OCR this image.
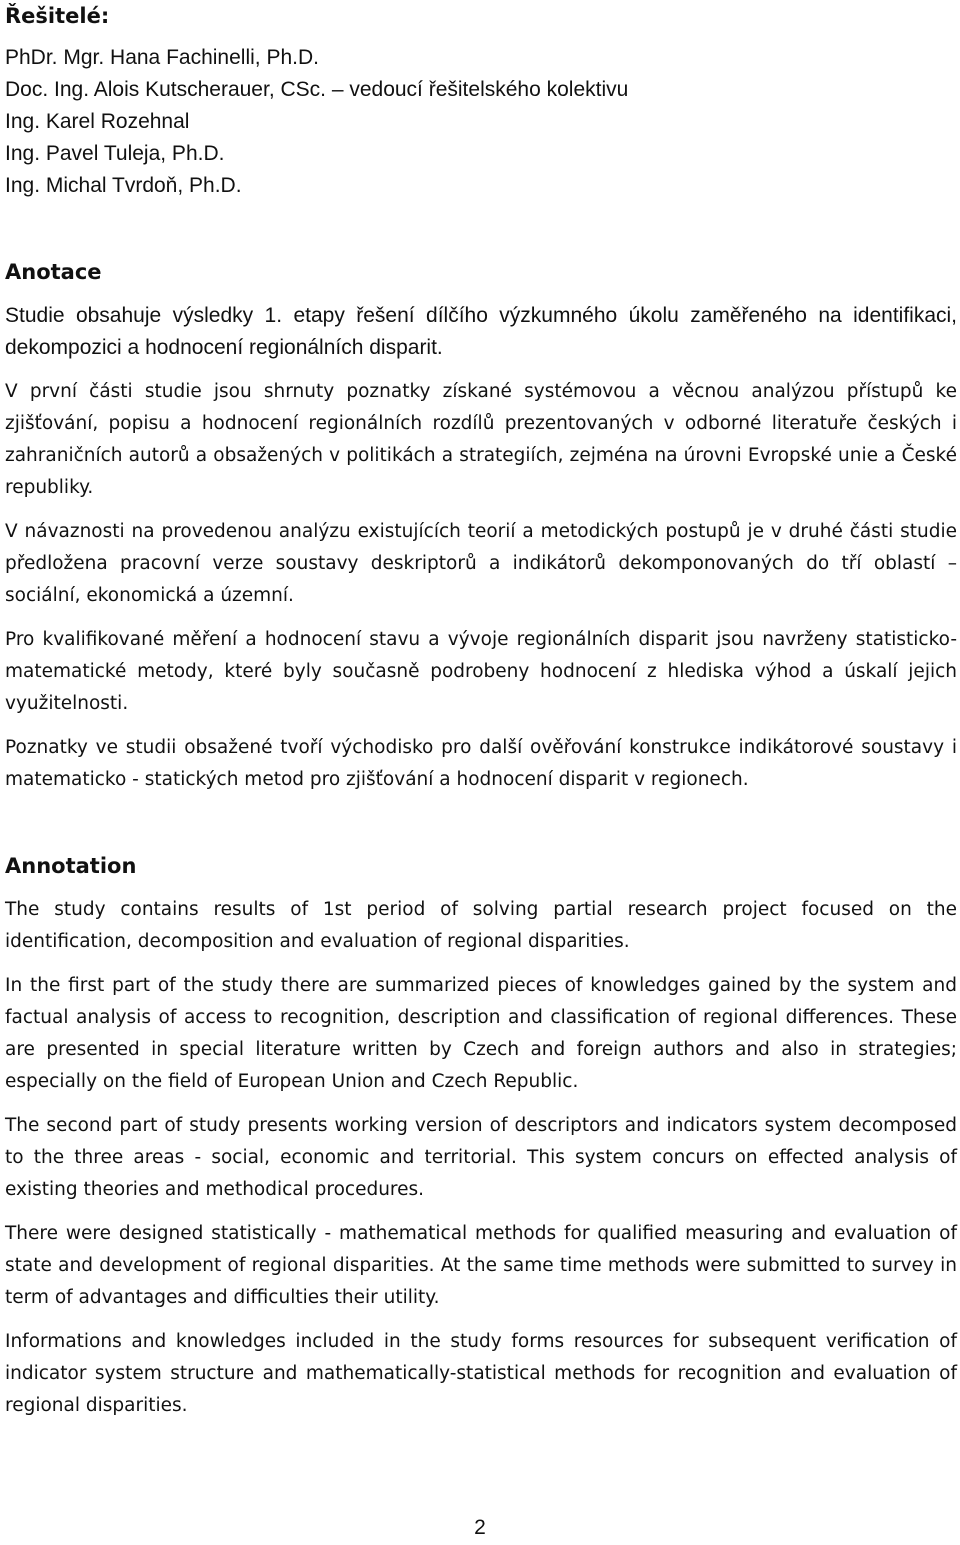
Řešitelé:
PhDr. Mgr. Hana Fachinelli, Ph.D.
Doc. Ing. Alois Kutscherauer, CSc. – vedoucí řešitelského kolektivu
Ing. Karel Rozehnal
Ing. Pavel Tuleja, Ph.D.
Ing. Michal Tvrdoň, Ph.D.
Anotace

Studie obsahuje výsledky 1. etapy řešení dílčího výzkumného úkolu zaměřeného na identifikaci, dekompozici a hodnocení regionálních disparit.

V první části studie jsou shrnuty poznatky získané systémovou a věcnou analýzou přístupů ke zjišťování, popisu a hodnocení regionálních rozdílů prezentovaných v odborné literatuře českých i zahraničních autorů a obsažených v politikách a strategiích, zejména na úrovni Evropské unie a České republiky.

V návaznosti na provedenou analýzu existujících teorií a metodických postupů je v druhé části studie předložena pracovní verze soustavy deskriptorů a indikátorů dekomponovaných do tří oblastí – sociální, ekonomická a územní.

Pro kvalifikované měření a hodnocení stavu a vývoje regionálních disparit jsou navrženy statisticko-matematické metody, které byly současně podrobeny hodnocení z hlediska výhod a úskalí jejich využitelnosti.

Poznatky ve studii obsažené tvoří východisko pro další ověřování konstrukce indikátorové soustavy i matematicko - statických metod pro zjišťování a hodnocení disparit v regionech.

Annotation

The study contains results of 1st period of solving partial research project focused on the identification, decomposition and evaluation of regional disparities.

In the first part of the study there are summarized pieces of knowledges gained by the system and factual analysis of access to recognition, description and classification of regional differences. These are presented in special literature written by Czech and foreign authors and also in strategies; especially on the field of European Union and Czech Republic.

The second part of study presents working version of descriptors and indicators system decomposed to the three areas - social, economic and territorial. This system concurs on effected analysis of existing theories and methodical procedures.

There were designed statistically - mathematical methods for qualified measuring and evaluation of state and development of regional disparities. At the same time methods were submitted to survey in term of advantages and difficulties their utility.

Informations and knowledges included in the study forms resources for subsequent verification of indicator system structure and mathematically-statistical methods for recognition and evaluation of regional disparities.

2
